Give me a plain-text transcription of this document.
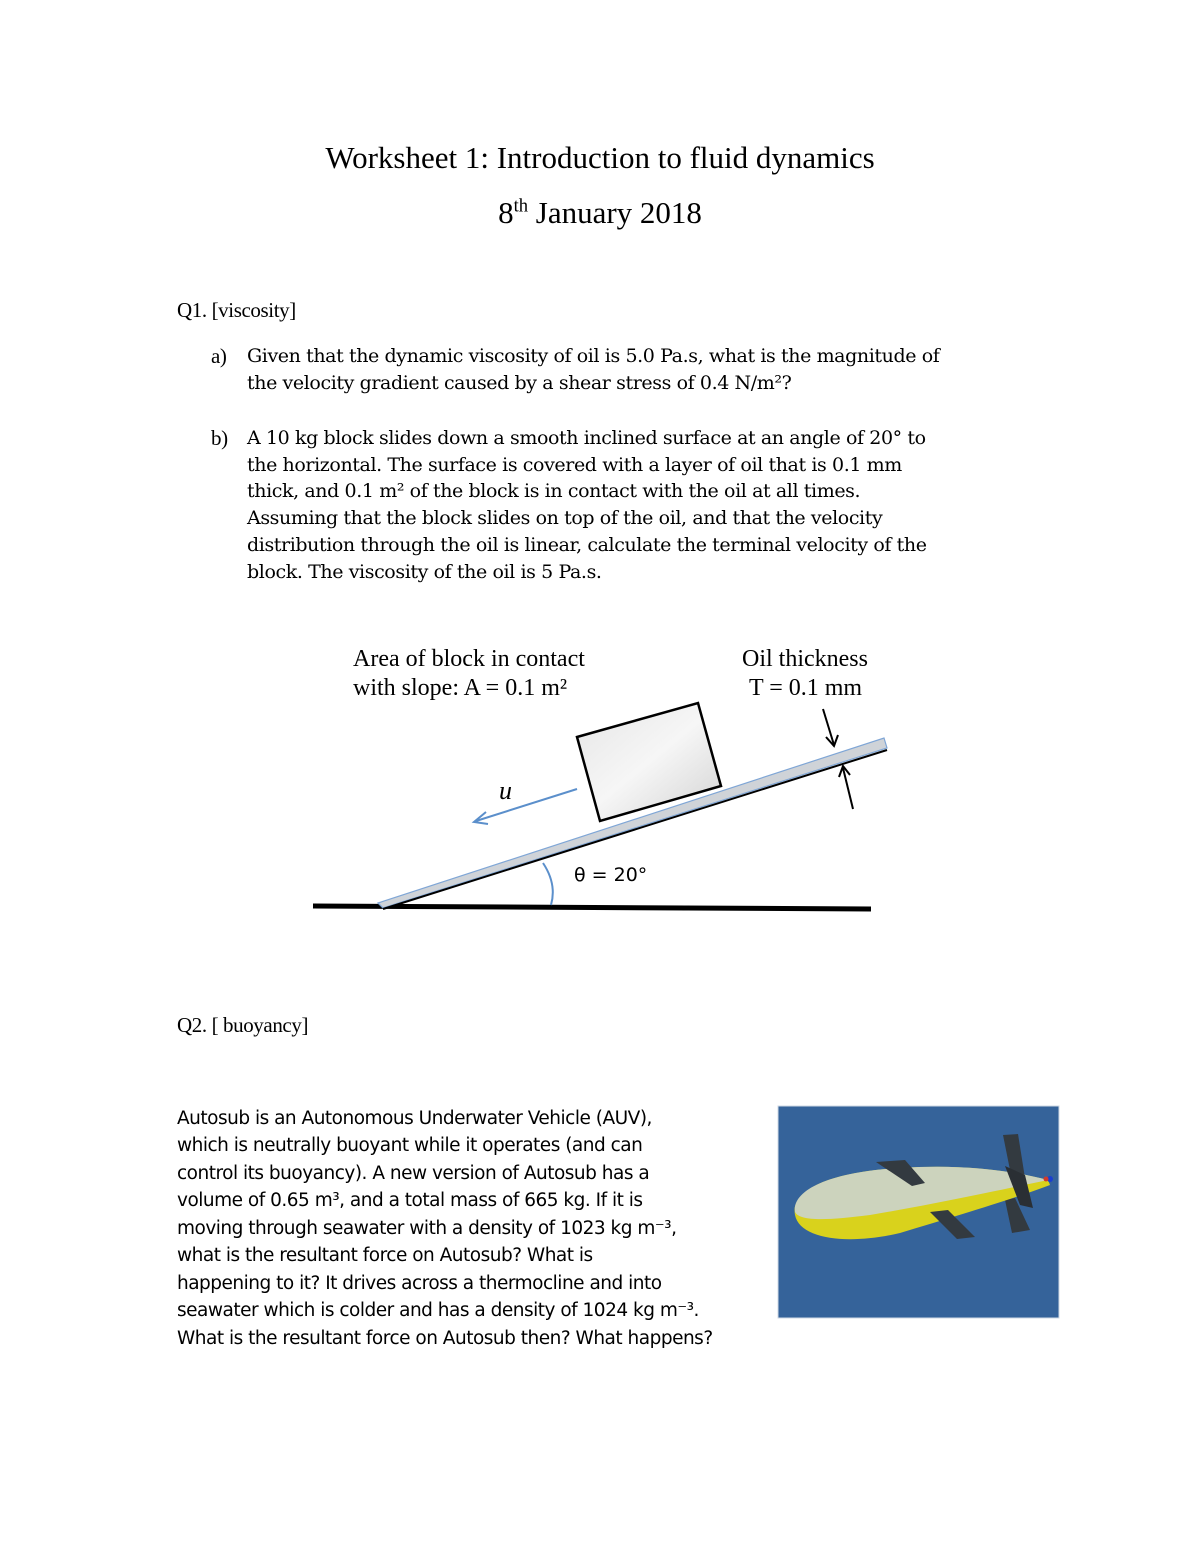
Worksheet 1: Introduction to fluid dynamics
8th January 2018
Q1. [viscosity]
a) Given that the dynamic viscosity of oil is 5.0 Pa.s, what is the magnitude of
the velocity gradient caused by a shear stress of 0.4 N/m²?
b) A 10 kg block slides down a smooth inclined surface at an angle of 20° to
the horizontal. The surface is covered with a layer of oil that is 0.1 mm
thick, and 0.1 m² of the block is in contact with the oil at all times.
Assuming that the block slides on top of the oil, and that the velocity
distribution through the oil is linear, calculate the terminal velocity of the
block. The viscosity of the oil is 5 Pa.s.
Area of block in contact
with slope: A = 0.1 m²
Oil thickness
T = 0.1 mm
u
θ = 20°
Q2. [ buoyancy]
Autosub is an Autonomous Underwater Vehicle (AUV),
which is neutrally buoyant while it operates (and can
control its buoyancy). A new version of Autosub has a
volume of 0.65 m³, and a total mass of 665 kg. If it is
moving through seawater with a density of 1023 kg m⁻³,
what is the resultant force on Autosub? What is
happening to it? It drives across a thermocline and into
seawater which is colder and has a density of 1024 kg m⁻³.
What is the resultant force on Autosub then? What happens?
